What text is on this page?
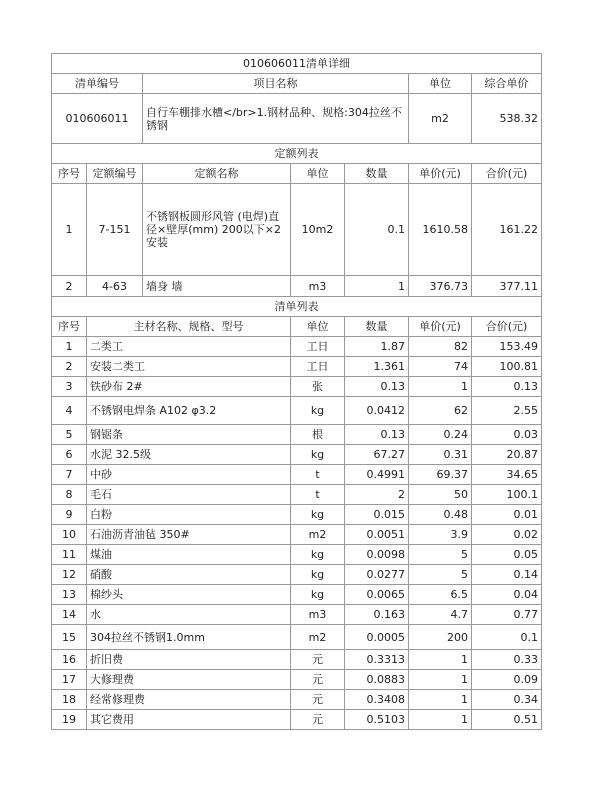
010606011清单详细						
清单编号		项目名称			单位	综合单价
010606011		自行车棚排水槽</br>1.钢材品种、规格:304拉丝不锈钢			m2	538.32
定额列表						
序号	定额编号	定额名称	单位	数量	单价(元)	合价(元)
1	7-151	不锈钢板圆形风管 (电焊)直径×壁厚(mm) 200以下×2 安装	10m2	0.1	1610.58	161.22
2	4-63	墙身 墙	m3	1	376.73	377.11
清单列表						
序号	主材名称、规格、型号		单位	数量	单价(元)	合价(元)
1	二类工		工日	1.87	82	153.49
2	安装二类工		工日	1.361	74	100.81
3	铁砂布 2#		张	0.13	1	0.13
4	不锈钢电焊条 A102 φ3.2		kg	0.0412	62	2.55
5	钢锯条		根	0.13	0.24	0.03
6	水泥 32.5级		kg	67.27	0.31	20.87
7	中砂		t	0.4991	69.37	34.65
8	毛石		t	2	50	100.1
9	白粉		kg	0.015	0.48	0.01
10	石油沥青油毡 350#		m2	0.0051	3.9	0.02
11	煤油		kg	0.0098	5	0.05
12	硝酸		kg	0.0277	5	0.14
13	棉纱头		kg	0.0065	6.5	0.04
14	水		m3	0.163	4.7	0.77
15	304拉丝不锈钢1.0mm		m2	0.0005	200	0.1
16	折旧费		元	0.3313	1	0.33
17	大修理费		元	0.0883	1	0.09
18	经常修理费		元	0.3408	1	0.34
19	其它费用		元	0.5103	1	0.51
